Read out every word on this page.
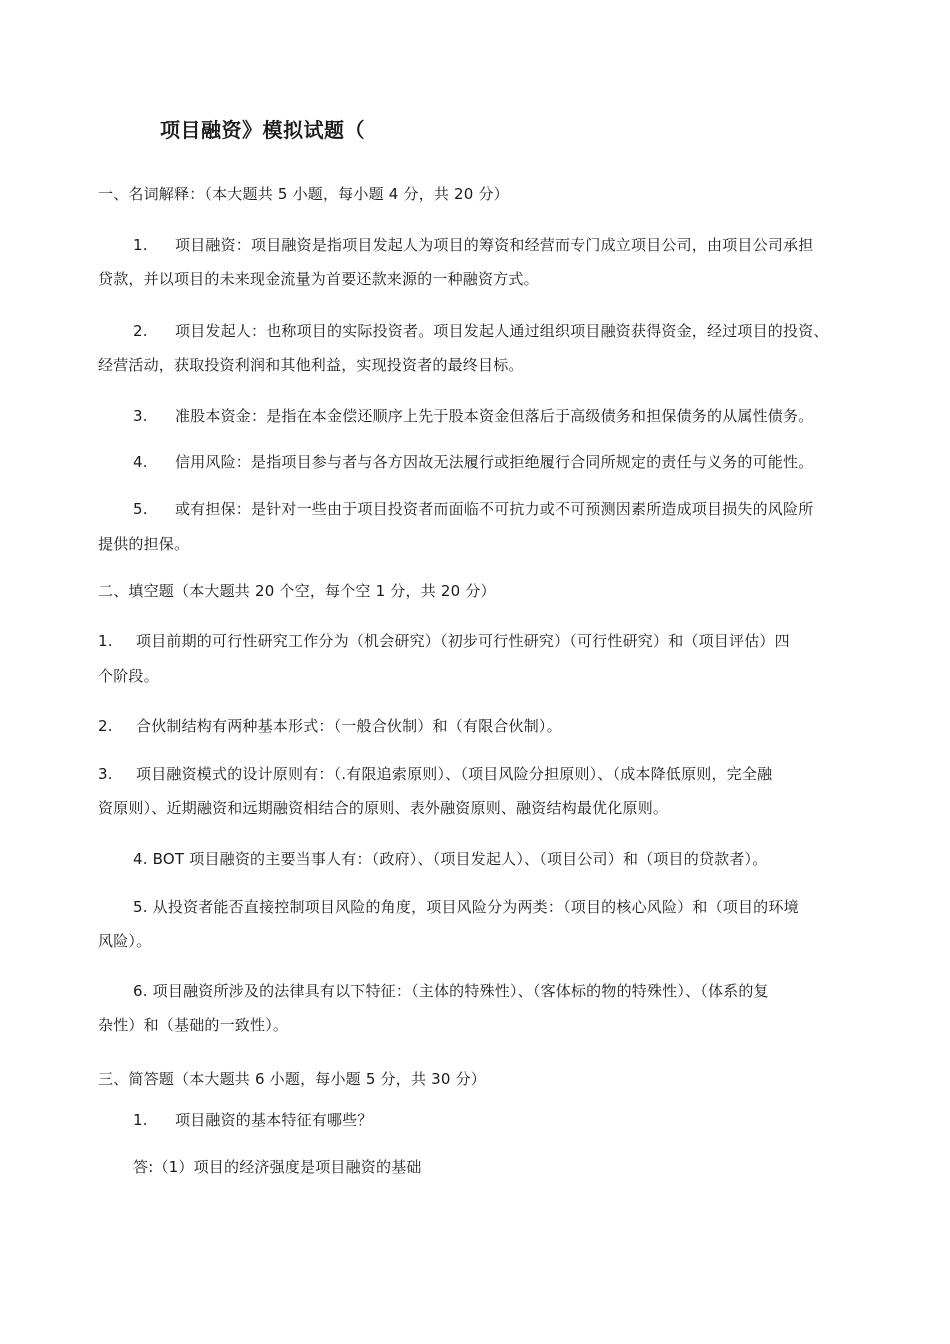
项目融资》模拟试题（
一、名词解释：（本大题共 5 小题，每小题 4 分，共 20 分）
1. 项目融资：项目融资是指项目发起人为项目的筹资和经营而专门成立项目公司，由项目公司承担
贷款，并以项目的未来现金流量为首要还款来源的一种融资方式。
2. 项目发起人：也称项目的实际投资者。项目发起人通过组织项目融资获得资金，经过项目的投资、
经营活动，获取投资利润和其他利益，实现投资者的最终目标。
3. 准股本资金：是指在本金偿还顺序上先于股本资金但落后于高级债务和担保债务的从属性债务。
4. 信用风险：是指项目参与者与各方因故无法履行或拒绝履行合同所规定的责任与义务的可能性。
5. 或有担保：是针对一些由于项目投资者而面临不可抗力或不可预测因素所造成项目损失的风险所
提供的担保。
二、填空题（本大题共 20 个空，每个空 1 分，共 20 分）
1. 项目前期的可行性研究工作分为（机会研究）（初步可行性研究）（可行性研究）和（项目评估）四
个阶段。
2. 合伙制结构有两种基本形式：（一般合伙制）和（有限合伙制）。
3. 项目融资模式的设计原则有：（.有限追索原则）、（项目风险分担原则）、（成本降低原则，完全融
资原则）、近期融资和远期融资相结合的原则、表外融资原则、融资结构最优化原则。
4. BOT 项目融资的主要当事人有：（政府）、（项目发起人）、（项目公司）和（项目的贷款者）。
5. 从投资者能否直接控制项目风险的角度，项目风险分为两类：（项目的核心风险）和（项目的环境
风险）。
6. 项目融资所涉及的法律具有以下特征：（主体的特殊性）、（客体标的物的特殊性）、（体系的复
杂性）和（基础的一致性）。
三、简答题（本大题共 6 小题，每小题 5 分，共 30 分）
1. 项目融资的基本特征有哪些？
答:（1）项目的经济强度是项目融资的基础
